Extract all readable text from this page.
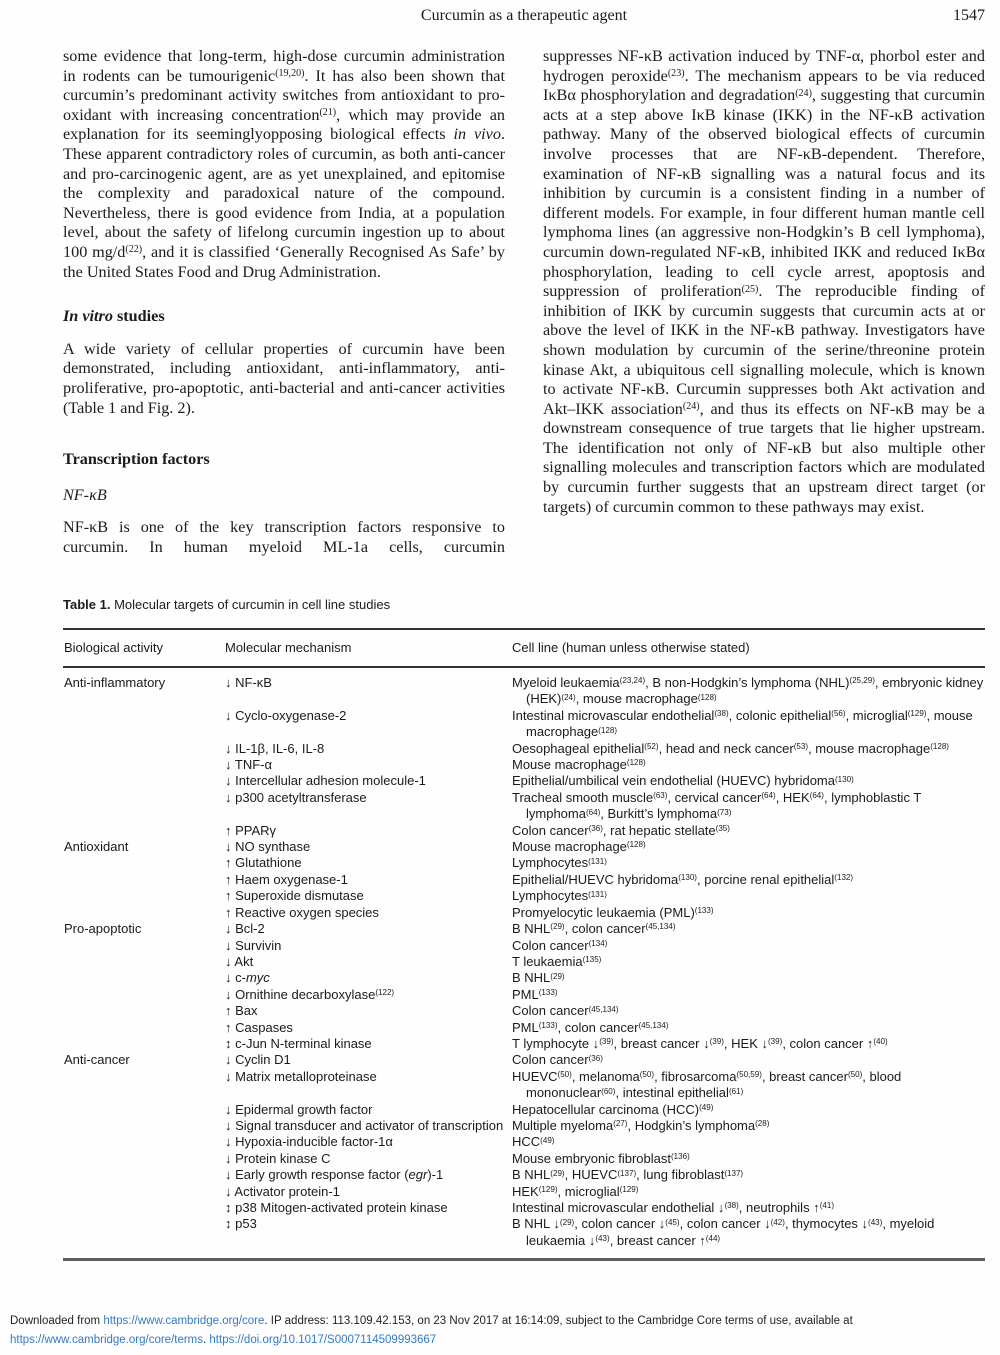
Curcumin as a therapeutic agent	1547

some evidence that long-term, high-dose curcumin administration in rodents can be tumourigenic$^{(19,20)}$. It has also been shown that curcumin’s predominant activity switches from antioxidant to pro-oxidant with increasing concentration$^{(21)}$, which may provide an explanation for its seeminglyopposing biological effects in vivo. These apparent contradictory roles of curcumin, as both anti-cancer and pro-carcinogenic agent, are as yet unexplained, and epitomise the complexity and paradoxical nature of the compound. Nevertheless, there is good evidence from India, at a population level, about the safety of lifelong curcumin ingestion up to about 100 $mg/d^{(22)}$, and it is classified ‘Generally Recognised As Safe’ by the United States Food and Drug Administration.

In vitro studies

A wide variety of cellular properties of curcumin have been demonstrated, including antioxidant, anti-inflammatory, anti-proliferative, pro-apoptotic, anti-bacterial and anti-cancer activities (Table 1 and Fig. 2).

Transcription factors
NF-κB

NF-κB is one of the key transcription factors responsive to curcumin. In human myeloid ML-1a cells, curcumin

suppresses NF-κB activation induced by TNF-α, phorbol ester and hydrogen peroxide$^{(23)}$. The mechanism appears to be via reduced IκBα phosphorylation and degradation$^{(24)}$, suggesting that curcumin acts at a step above IκB kinase (IKK) in the NF-κB activation pathway. Many of the observed biological effects of curcumin involve processes that are NF-κB-dependent. Therefore, examination of NF-κB signalling was a natural focus and its inhibition by curcumin is a consistent finding in a number of different models. For example, in four different human mantle cell lymphoma lines (an aggressive non-Hodgkin’s B cell lymphoma), curcumin down-regulated NF-κB, inhibited IKK and reduced IκBα phosphorylation, leading to cell cycle arrest, apoptosis and suppression of proliferation$^{(25)}$. The reproducible finding of inhibition of IKK by curcumin suggests that curcumin acts at or above the level of IKK in the NF-κB pathway. Investigators have shown modulation by curcumin of the serine/threonine protein kinase Akt, a ubiquitous cell signalling molecule, which is known to activate NF-κB. Curcumin suppresses both Akt activation and Akt–IKK association$^{(24)}$, and thus its effects on NF-κB may be a downstream consequence of true targets that lie higher upstream. The identification not only of NF-κB but also multiple other signalling molecules and transcription factors which are modulated by curcumin further suggests that an upstream direct target (or targets) of curcumin common to these pathways may exist.

Table 1. Molecular targets of curcumin in cell line studies
Biological activity	Molecular mechanism	Cell line (human unless otherwise stated)
Anti-inflammatory	↓ NF-κB	Myeloid leukaemia$^{(23,24)}$, B non-Hodgkin’s lymphoma (NHL)$^{(25,29)}$, embryonic kidney (HEK)$^{(24)}$, mouse macrophage$^{(128)}$
	↓ Cyclo-oxygenase-2	Intestinal microvascular endothelial$^{(38)}$, colonic epithelial$^{(56)}$, microglial$^{(129)}$, mouse macrophage$^{(128)}$
	↓ IL-1β, IL-6, IL-8	Oesophageal epithelial$^{(52)}$, head and neck cancer$^{(53)}$, mouse macrophage$^{(128)}$
	↓ TNF-α	Mouse macrophage$^{(128)}$
	↓ Intercellular adhesion molecule-1	Epithelial/umbilical vein endothelial (HUEVC) hybridoma$^{(130)}$
	↓ p300 acetyltransferase	Tracheal smooth muscle$^{(63)}$, cervical cancer$^{(64)}$, HEK$^{(64)}$, lymphoblastic T lymphoma$^{(64)}$, Burkitt’s lymphoma$^{(73)}$
	↑ PPARγ	Colon cancer$^{(36)}$, rat hepatic stellate$^{(35)}$
Antioxidant	↓ NO synthase	Mouse macrophage$^{(128)}$
	↑ Glutathione	Lymphocytes$^{(131)}$
	↑ Haem oxygenase-1	Epithelial/HUEVC hybridoma$^{(130)}$, porcine renal epithelial$^{(132)}$
	↑ Superoxide dismutase	Lymphocytes$^{(131)}$
	↑ Reactive oxygen species	Promyelocytic leukaemia (PML)$^{(133)}$
Pro-apoptotic	↓ Bcl-2	B NHL$^{(29)}$, colon cancer$^{(45,134)}$
	↓ Survivin	Colon cancer$^{(134)}$
	↓ Akt	T leukaemia$^{(135)}$
	↓ c-myc	B NHL$^{(29)}$
	↓ Ornithine decarboxylase$^{(122)}$	PML$^{(133)}$
	↑ Bax	Colon cancer$^{(45,134)}$
	↑ Caspases	PML$^{(133)}$, colon cancer$^{(45,134)}$
	↕ c-Jun N-terminal kinase	T lymphocyte ↓$^{(39)}$, breast cancer ↓$^{(39)}$, HEK ↓$^{(39)}$, colon cancer ↑$^{(40)}$
Anti-cancer	↓ Cyclin D1	Colon cancer$^{(36)}$
	↓ Matrix metalloproteinase	HUEVC$^{(50)}$, melanoma$^{(50)}$, fibrosarcoma$^{(50,59)}$, breast cancer$^{(50)}$, blood mononuclear$^{(60)}$, intestinal epithelial$^{(61)}$
	↓ Epidermal growth factor	Hepatocellular carcinoma (HCC)$^{(49)}$
	↓ Signal transducer and activator of transcription	Multiple myeloma$^{(27)}$, Hodgkin’s lymphoma$^{(28)}$
	↓ Hypoxia-inducible factor-1α	HCC$^{(49)}$
	↓ Protein kinase C	Mouse embryonic fibroblast$^{(136)}$
	↓ Early growth response factor (egr)-1	B NHL$^{(29)}$, HUEVC$^{(137)}$, lung fibroblast$^{(137)}$
	↓ Activator protein-1	HEK$^{(129)}$, microglial$^{(129)}$
	↕ p38 Mitogen-activated protein kinase	Intestinal microvascular endothelial ↓$^{(38)}$, neutrophils ↑$^{(41)}$
	↕ p53	B NHL ↓$^{(29)}$, colon cancer ↓$^{(45)}$, colon cancer ↓$^{(42)}$, thymocytes ↓$^{(43)}$, myeloid leukaemia ↓$^{(43)}$, breast cancer ↑$^{(44)}$
Downloaded from https://www.cambridge.org/core. IP address: 113.109.42.153, on 23 Nov 2017 at 16:14:09, subject to the Cambridge Core terms of use, available at
https://www.cambridge.org/core/terms. https://doi.org/10.1017/S0007114509993667
